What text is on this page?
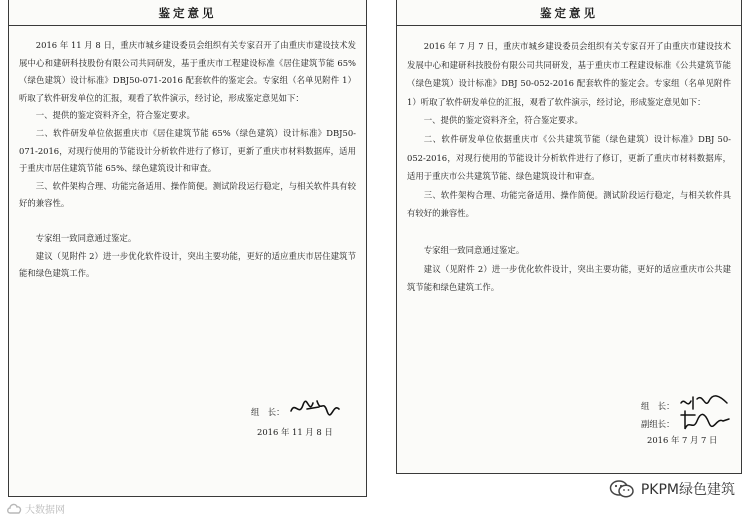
鉴定意见

2016 年 11 月 8 日，重庆市城乡建设委员会组织有关专家召开了由重庆市建设技术发展中心和建研科技股份有限公司共同研发，基于重庆市工程建设标准《居住建筑节能 65%（绿色建筑）设计标准》DBJ50-071-2016 配套软件的鉴定会。专家组（名单见附件 1）听取了软件研发单位的汇报，观看了软件演示，经讨论，形成鉴定意见如下：

一、提供的鉴定资料齐全，符合鉴定要求。

二、软件研发单位依据重庆市《居住建筑节能 65%（绿色建筑）设计标准》DBJ50-071-2016，对现行使用的节能设计分析软件进行了修订，更新了重庆市材料数据库，适用于重庆市居住建筑节能 65%、绿色建筑设计和审查。

三、软件架构合理、功能完备适用、操作简便。测试阶段运行稳定，与相关软件具有较好的兼容性。

专家组一致同意通过鉴定。

建议（见附件 2）进一步优化软件设计，突出主要功能，更好的适应重庆市居住建筑节能和绿色建筑工作。

组　长：
2016 年 11 月 8 日
鉴定意见

2016 年 7 月 7 日，重庆市城乡建设委员会组织有关专家召开了由重庆市建设技术发展中心和建研科技股份有限公司共同研发，基于重庆市工程建设标准《公共建筑节能（绿色建筑）设计标准》DBJ 50-052-2016 配套软件的鉴定会。专家组（名单见附件 1）听取了软件研发单位的汇报，观看了软件演示，经讨论，形成鉴定意见如下：

一、提供的鉴定资料齐全，符合鉴定要求。

二、软件研发单位依据重庆市《公共建筑节能（绿色建筑）设计标准》DBJ 50-052-2016，对现行使用的节能设计分析软件进行了修订，更新了重庆市材料数据库，适用于重庆市公共建筑节能、绿色建筑设计和审查。

三、软件架构合理、功能完备适用、操作简便。测试阶段运行稳定，与相关软件具有较好的兼容性。

专家组一致同意通过鉴定。

建议（见附件 2）进一步优化软件设计，突出主要功能，更好的适应重庆市公共建筑节能和绿色建筑工作。

组　长：
副组长：
2016 年 7 月 7 日
大数据网
PKPM绿色建筑
